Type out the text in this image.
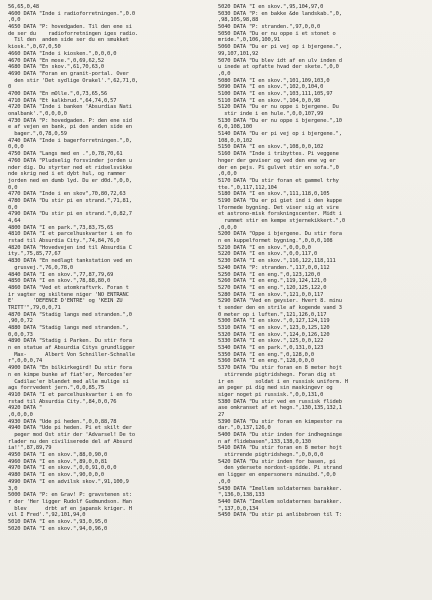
56,65,0,48
4600 DATA "Inde i radioforretningen.",0.0
,0,0
4650 DATA "P: hovedgaden. Til den ene si
de ser du    radioforretningen iges radio.
Til den  anden side ser du en smukket
kiosk.",0,67,0,50
4660 DATA "Inde i kiosken.",0,0,0,0
4670 DATA "En mose.",0,69,62,52
4680 DATA "En skov.",61,70,63,0
4690 DATA "Foran en granit-portal. Over
den stir 'Det sydlige Orakel'.",62,71,0,
0
4700 DATA "En mOlle.",0,73,65,56
4710 DATA "Et kalkbrud.",64,74,0,57
4720 DATA "Inde i banken 'Absurdias Nati
onalbank'.",0,0,0,0
4730 DATA "P: hovedgaden. P: den ene sid
e af vejen en bank, pi den anden side en
bager.",0,78,0,59
4740 DATA "Inde i bagerforretningen.",0,
0,0,0
4750 DATA "Langs med en .",0,78,70,61
4760 DATA "Pludselig forsvinder jorden u
nder dig. Du styrter ned et ridselsvikke
nde skrig ned i et dybt hul, og rammer
jorden ned en dumb lyd. Du er d0d.",0,0,
0,0
4770 DATA "Inde i en skov",70,80,72,63
4780 DATA "Du stir pi en strand.",71,81,
0,0
4790 DATA "Du stir pi en strand.",0,82,7
4,64
4800 DATA "I en park.",73,83,75,65
4810 DATA "I et parcelhuskvarter i en fo
rstad til Absurdia City.",74,84,76,0
4820 DATA "Hovedvejen ind til Absurdia C
ity.",75,85,77,67
4830 DATA "En nedlagt tankstation ved en
grusvej.",76,0,78,0
4840 DATA "I en skov.",77,87,79,69
4850 DATA "I en skov.",78,88,80,0
4860 DATA "Ved et atomkraftvrk. Foran t
ir vagter og skiltene niger 'NO ENTRANC
E'      'DEFENCE D'ENTRE' og 'KEIN ZU
TRITT'",79,0,0,71
4870 DATA "Stadig langs med stranden.",0
,90,0,72
4880 DATA "Stadig langs med stranden.",
0,0,0,73
4890 DATA "Stadig i Parken. Du stir fora
n en statue af Absurdia Citys grundligger
Max-      Albert Von Schniller-Schnalle
r",0,0,0,74
4900 DATA "En bilkirkegird! Du stir fora
n en kimpe bunke af fiat'er, Mercedes'er
Cadilac'er blandet med alle mulige si
ags forrvedent jern.",0,0,85,75
4910 DATA "I et parcelhuskvarter i en fo
rstad til Absurdia City.",84,0,0,76
4920 DATA "
,0,0,0,0
4930 DATA "Ude pi heden.",0,0,88,78
4940 DATA "Ude pi heden. Pi et skilt der
peger mod Ost stir der 'Advarsel! De to
rlader nu den civiliserede del af Absurd
ia!'",87,89,79
4950 DATA "I en skov.",88,0,90,0
4960 DATA "I en skov.",89,0,0,81
4970 DATA "I en skov.",0,0,91,0,0,0
4980 DATA "I en skov.",90,0,0,0
4990 DATA "I en advilsk skov.",91,100,9
3,0
5000 DATA "P: en Grav! P: gravstenen st:
r der 'Her ligger Rudolf Gudmundson. Han
blev      drbt af en japansk kriger. H
vil I Fred'.",92,101,94,0
5010 DATA "I en skov.",93,0,95,0
5020 DATA "I en skov.",94,0,96,0
5020 DATA "I en skov.",95,104,97,0
5030 DATA "P: en bakke &de landskab.",0,
,98,105,98,88
5040 DATA "P: stranden.",97,0,0,0
5050 DATA "Du er nu oppe i et stonet o
mride.",0,106,100,91
5060 DATA "Du er pi vej op i bjergene.",
99,107,101,92
5070 DATA "Du blev idt af en ulv inden d
u inede at opfatte hvad der skete.",0,0
,0,0
5080 DATA "I en skov.",101,109,103,0
5090 DATA "I en skov.",102,0,104,0
5100 DATA "I en skov.",103,111,105,97
5110 DATA "I en skov.",104,0,0,98
5120 DATA "Du er nu oppe i bjergene. Du
stir inde i en hule.",0,0,107,99
5130 DATA "Du er nu oppe i bjergene.",10
6,0,108,100
5140 DATA "Du er pi vej op i bjergene.",
108,0,0,102
5150 DATA "I en skov.",108,0,0,102
5160 DATA "Inde i tribyttes. Pi veggene
hnger der geviser og ved den ene vg er
der en pejs. Pi gulvet stir en sofa.",0
,0,0,0
5170 DATA "Du stir foran et gammel trhy
tte.",0,117,112,104
5180 DATA "I en skov.",111,118,0,105
5190 DATA "Du er pi giet ind i den kuppe
lformede bygning. Det viser sig at vire
et astrono-misk forskningscenter. Midt i
rummet stir en kempe stjernekikkert.",0
,0,0,0
5200 DATA "Oppe i bjergene. Du stir fora
n en kuppelformet bygning.",0,0,0,108
5210 DATA "I en skov.",0,0,0,0
5220 DATA "I en skov.",0,0,117,0
5230 DATA "I en skov.",116,122,118,111
5240 DATA "P: stranden.",117,0,0,112
5250 DATA "I en eng.",0,123,120,0
5260 DATA "I en eng.",119,124,121,0
5270 DATA "I en eng.",120,125,122,0
5280 DATA "I en skov.",121,0,0,117
5290 DATA "Ved en geysier. Hvert 8. minu
t sender den en strile af kogende vand 3
0 meter op i luften.",121,126,0,117
5300 DATA "I en skov.",0,127,124,119
5310 DATA "I en skov.",123,0,125,120
5320 DATA "I en skov.",124,0,126,120
5330 DATA "I en skov.",125,0,0,122
5340 DATA "I en park.",0,131,0,123
5350 DATA "I en eng.",0,128,0,0
5360 DATA "I en eng.",128,0,0,0
5370 DATA "Du stir foran en 8 meter hojt
stirrende pigtridshegn. Foran dig st
ir en       soldat i en russisk uniform. H
an peger pi dig med sin maskingevr og
siger noget pi russisk.",0,0,131,0
5380 DATA "Du stir ved en russisk flideb
ase omkranset af et hegn.",130,135,132,1
27
5390 DATA "Du stir foran en kimpestor ra
dar.",0,137,126,0
5400 DATA "Du stir inden for indhegninge
n af flidebasen",133,138,0,130
5410 DATA "Du stir foran en 8 meter hojt
stirrende pigtridshegn.",0,0,0,0
5420 DATA "Du stir inden for basen, pi
den ydersete nordost-spidde. Pi strand
en ligger en enpersoners minuibd.",0,0
,0,0
5430 DATA "Imellem soldaternes barakker.
",136,0,138,133
5440 DATA "Imellem soldaternes barakker.
",137,0,0,134
5450 DATA "Du stir pi anlibsbroen til T:
